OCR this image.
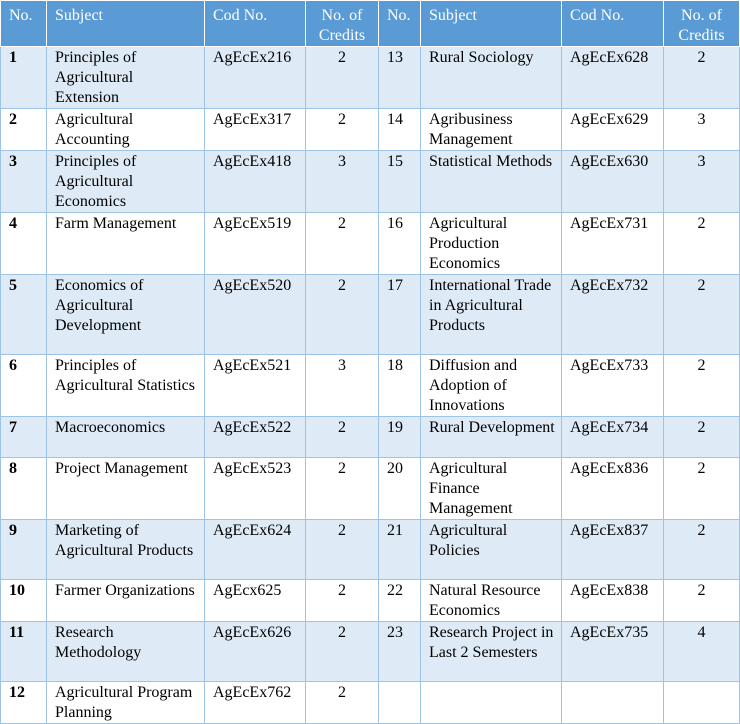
No.	Subject	Cod No.	No. of Credits	No.	Subject	Cod No.	No. of Credits
1	Principles of Agricultural Extension	AgEcEx216	2	13	Rural Sociology	AgEcEx628	2
2	Agricultural Accounting	AgEcEx317	2	14	Agribusiness Management	AgEcEx629	3
3	Principles of Agricultural Economics	AgEcEx418	3	15	Statistical Methods	AgEcEx630	3
4	Farm Management	AgEcEx519	2	16	Agricultural Production Economics	AgEcEx731	2
5	Economics of Agricultural Development	AgEcEx520	2	17	International Trade in Agricultural Products	AgEcEx732	2
6	Principles of Agricultural Statistics	AgEcEx521	3	18	Diffusion and Adoption of Innovations	AgEcEx733	2
7	Macroeconomics	AgEcEx522	2	19	Rural Development	AgEcEx734	2
8	Project Management	AgEcEx523	2	20	Agricultural Finance Management	AgEcEx836	2
9	Marketing of Agricultural Products	AgEcEx624	2	21	Agricultural Policies	AgEcEx837	2
10	Farmer Organizations	AgEcx625	2	22	Natural Resource Economics	AgEcEx838	2
11	Research Methodology	AgEcEx626	2	23	Research Project in Last 2 Semesters	AgEcEx735	4
12	Agricultural Program Planning	AgEcEx762	2				
